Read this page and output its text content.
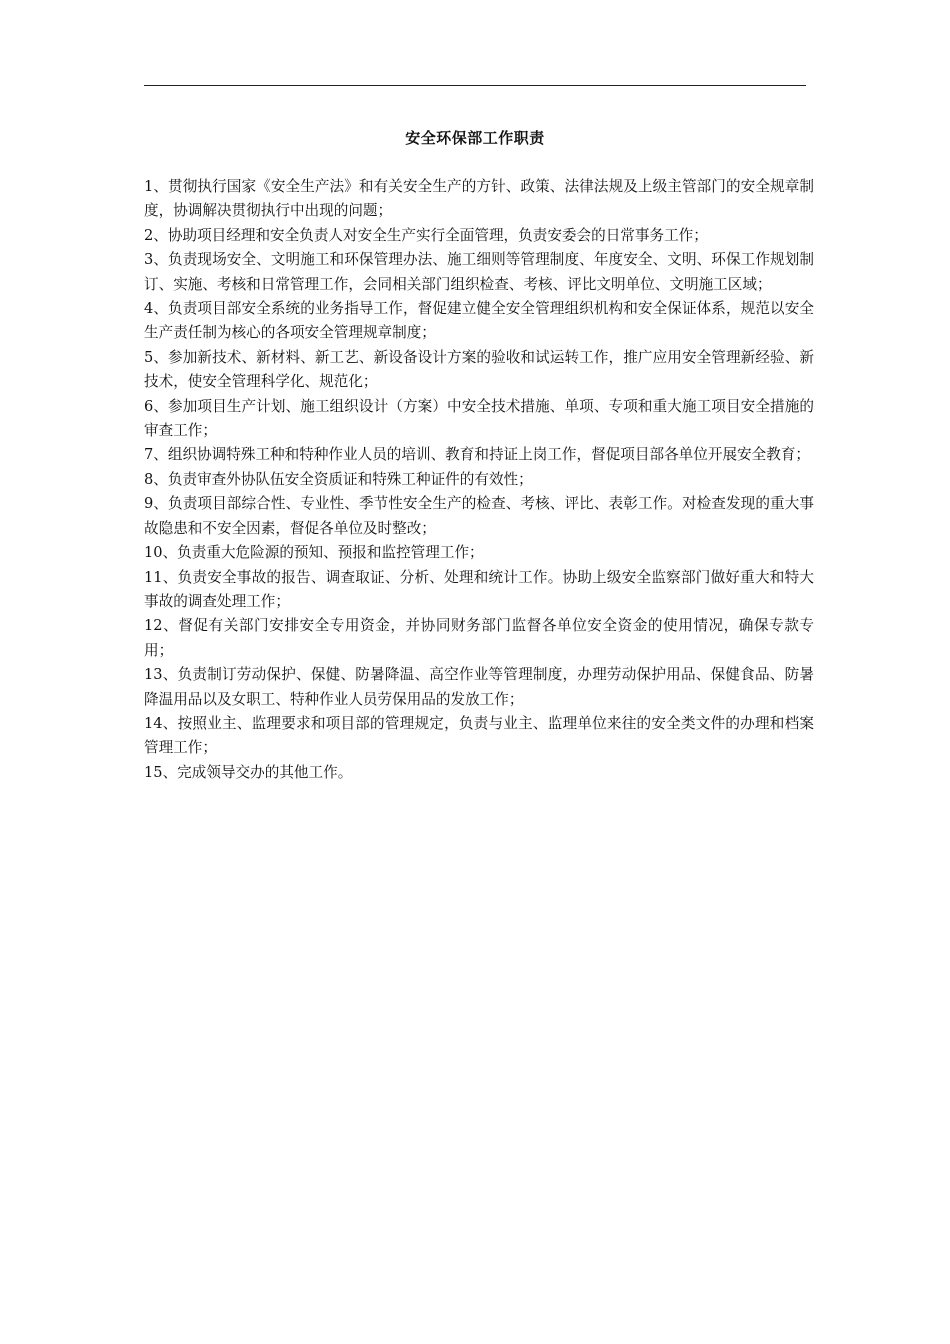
安全环保部工作职责

1、贯彻执行国家《安全生产法》和有关安全生产的方针、政策、法律法规及上级主管部门的安全规章制度，协调解决贯彻执行中出现的问题；

2、协助项目经理和安全负责人对安全生产实行全面管理，负责安委会的日常事务工作；

3、负责现场安全、文明施工和环保管理办法、施工细则等管理制度、年度安全、文明、环保工作规划制订、实施、考核和日常管理工作，会同相关部门组织检查、考核、评比文明单位、文明施工区域；

4、负责项目部安全系统的业务指导工作，督促建立健全安全管理组织机构和安全保证体系，规范以安全生产责任制为核心的各项安全管理规章制度；

5、参加新技术、新材料、新工艺、新设备设计方案的验收和试运转工作，推广应用安全管理新经验、新技术，使安全管理科学化、规范化；

6、参加项目生产计划、施工组织设计（方案）中安全技术措施、单项、专项和重大施工项目安全措施的审查工作；

7、组织协调特殊工种和特种作业人员的培训、教育和持证上岗工作，督促项目部各单位开展安全教育；

8、负责审查外协队伍安全资质证和特殊工种证件的有效性；

9、负责项目部综合性、专业性、季节性安全生产的检查、考核、评比、表彰工作。对检查发现的重大事故隐患和不安全因素，督促各单位及时整改；

10、负责重大危险源的预知、预报和监控管理工作；

11、负责安全事故的报告、调查取证、分析、处理和统计工作。协助上级安全监察部门做好重大和特大事故的调查处理工作；

12、督促有关部门安排安全专用资金，并协同财务部门监督各单位安全资金的使用情况，确保专款专用；

13、负责制订劳动保护、保健、防暑降温、高空作业等管理制度，办理劳动保护用品、保健食品、防暑降温用品以及女职工、特种作业人员劳保用品的发放工作；

14、按照业主、监理要求和项目部的管理规定，负责与业主、监理单位来往的安全类文件的办理和档案管理工作；

15、完成领导交办的其他工作。
